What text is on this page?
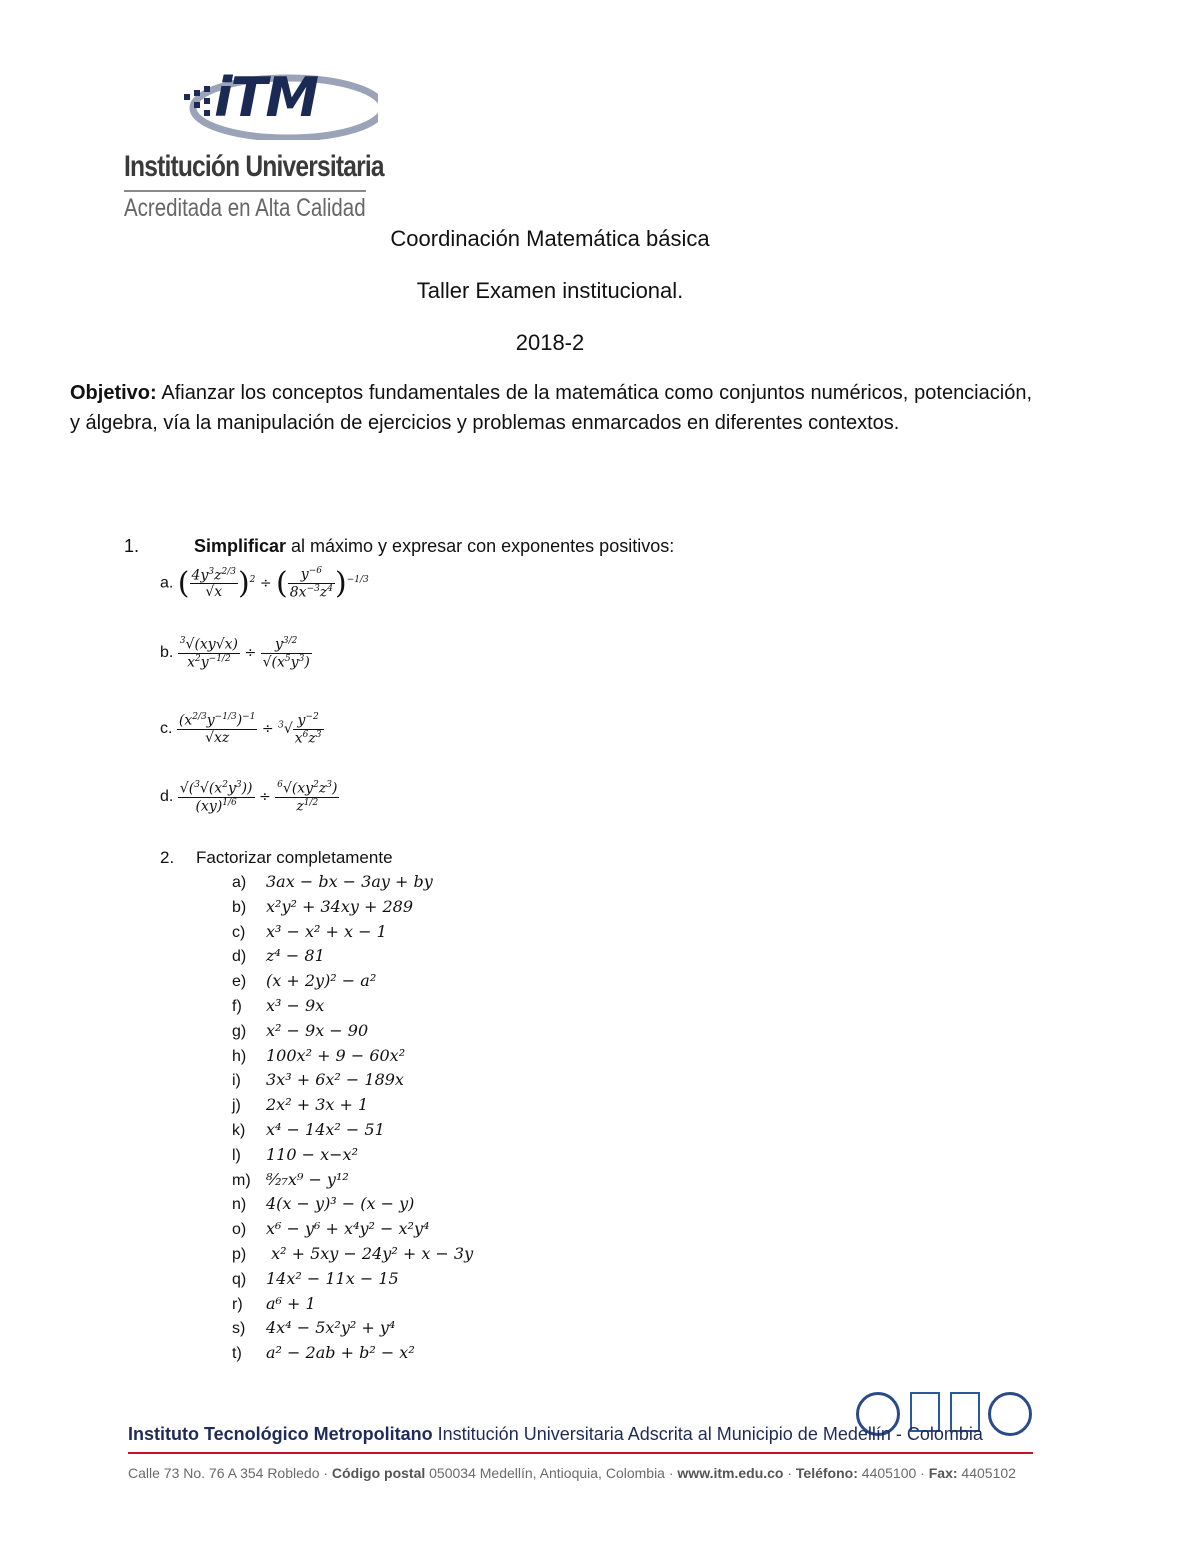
iTM
Institución Universitaria
Acreditada en Alta Calidad
Coordinación Matemática básica
Taller Examen institucional.
2018-2
Objetivo: Afianzar los conceptos fundamentales de la matemática como conjuntos numéricos, potenciación, y álgebra, vía la manipulación de ejercicios y problemas enmarcados en diferentes contextos.
1.	Simplificar al máximo y expresar con exponentes positivos:
a. ( $\frac{4y^3z^{2/3}}{√x} )^2$ ÷ ( $\frac{y^{-6}}{8x^{-3}z^4} )^{-1/3}$
b. $\frac{^3√(xy√x)}{x^2y^{-1/2}} \div \frac{y^{3/2}}{√(x^5y^3)}$
c. $\frac{(x^{2/3}y^{-1/3})^{-1}}{√xz} \div ^3√ \frac{y^{-2}}{x^6z^3}$
d. $\frac{√(^3√(x^2y^3))}{(xy)^{1/6}} \div \frac{^6√(xy^2z^3)}{z^{1/2}}$
2. Factorizar completamente
a) 3ax − bx − 3ay + by
b) x²y² + 34xy + 289
c) x³ − x² + x − 1
d) z⁴ − 81
e) (x + 2y)² − a²
f) x³ − 9x
g) x² − 9x − 90
h) 100x² + 9 − 60x²
i) 3x³ + 6x² − 189x
j) 2x² + 3x + 1
k) x⁴ − 14x² − 51
l) 110 − x−x²
m) ⁸⁄₂₇x⁹ − y¹²
n) 4(x − y)³ − (x − y)
o) x⁶ − y⁶ + x⁴y² − x²y⁴
p) x² + 5xy − 24y² + x − 3y
q) 14x² − 11x − 15
r) a⁶ + 1
s) 4x⁴ − 5x²y² + y⁴
t) a² − 2ab + b² − x²
Instituto Tecnológico Metropolitano Institución Universitaria Adscrita al Municipio de Medellín - Colombia
Calle 73 No. 76 A 354 Robledo · Código postal 050034 Medellín, Antioquia, Colombia · www.itm.edu.co · Teléfono: 4405100 · Fax: 4405102
